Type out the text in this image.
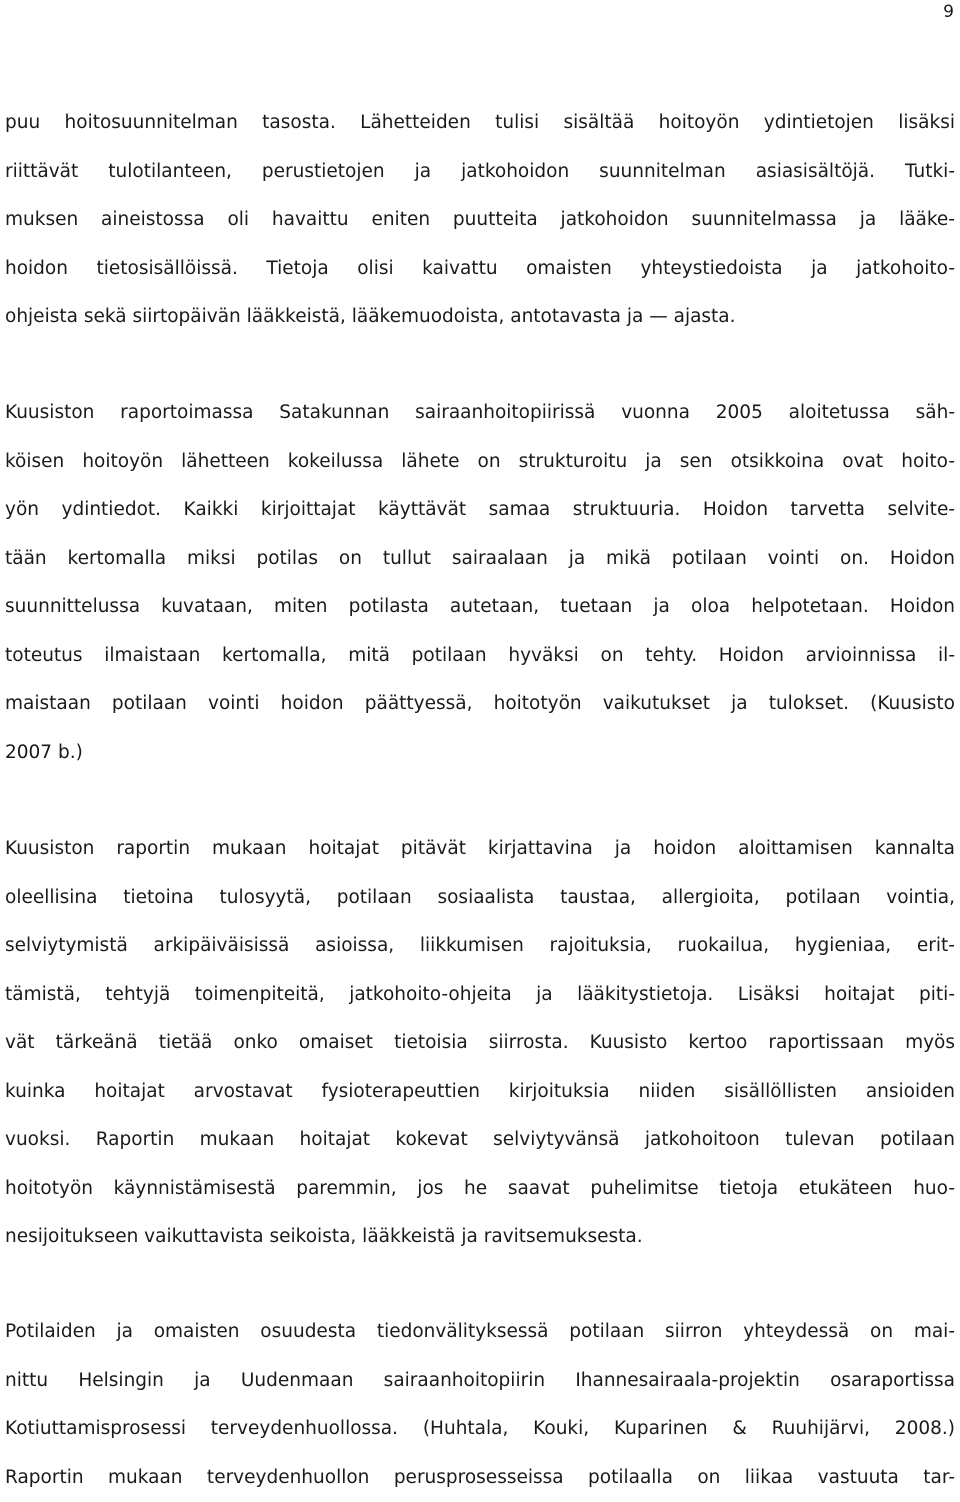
9
puu hoitosuunnitelman tasosta. Lähetteiden tulisi sisältää hoitoyön ydintietojen lisäksi
riittävät tulotilanteen, perustietojen ja jatkohoidon suunnitelman asiasisältöjä. Tutki-
muksen aineistossa oli havaittu eniten puutteita jatkohoidon suunnitelmassa ja lääke-
hoidon tietosisällöissä. Tietoja olisi kaivattu omaisten yhteystiedoista ja jatkohoito-
ohjeista sekä siirtopäivän lääkkeistä, lääkemuodoista, antotavasta ja — ajasta.
Kuusiston raportoimassa Satakunnan sairaanhoitopiirissä vuonna 2005 aloitetussa säh-
köisen hoitoyön lähetteen kokeilussa lähete on strukturoitu ja sen otsikkoina ovat hoito-
yön ydintiedot. Kaikki kirjoittajat käyttävät samaa struktuuria. Hoidon tarvetta selvite-
tään kertomalla miksi potilas on tullut sairaalaan ja mikä potilaan vointi on. Hoidon
suunnittelussa kuvataan, miten potilasta autetaan, tuetaan ja oloa helpotetaan. Hoidon
toteutus ilmaistaan kertomalla, mitä potilaan hyväksi on tehty. Hoidon arvioinnissa il-
maistaan potilaan vointi hoidon päättyessä, hoitotyön vaikutukset ja tulokset. (Kuusisto
2007 b.)
Kuusiston raportin mukaan hoitajat pitävät kirjattavina ja hoidon aloittamisen kannalta
oleellisina tietoina tulosyytä, potilaan sosiaalista taustaa, allergioita, potilaan vointia,
selviytymistä arkipäiväisissä asioissa, liikkumisen rajoituksia, ruokailua, hygieniaa, erit-
tämistä, tehtyjä toimenpiteitä, jatkohoito-ohjeita ja lääkitystietoja. Lisäksi hoitajat piti-
vät tärkeänä tietää onko omaiset tietoisia siirrosta. Kuusisto kertoo raportissaan myös
kuinka hoitajat arvostavat fysioterapeuttien kirjoituksia niiden sisällöllisten ansioiden
vuoksi. Raportin mukaan hoitajat kokevat selviytyvänsä jatkohoitoon tulevan potilaan
hoitotyön käynnistämisestä paremmin, jos he saavat puhelimitse tietoja etukäteen huo-
nesijoitukseen vaikuttavista seikoista, lääkkeistä ja ravitsemuksesta.
Potilaiden ja omaisten osuudesta tiedonvälityksessä potilaan siirron yhteydessä on mai-
nittu Helsingin ja Uudenmaan sairaanhoitopiirin Ihannesairaala-projektin osaraportissa
Kotiuttamisprosessi terveydenhuollossa. (Huhtala, Kouki, Kuparinen & Ruuhijärvi, 2008.)
Raportin mukaan terveydenhuollon perusprosesseissa potilaalla on liikaa vastuuta tar-
